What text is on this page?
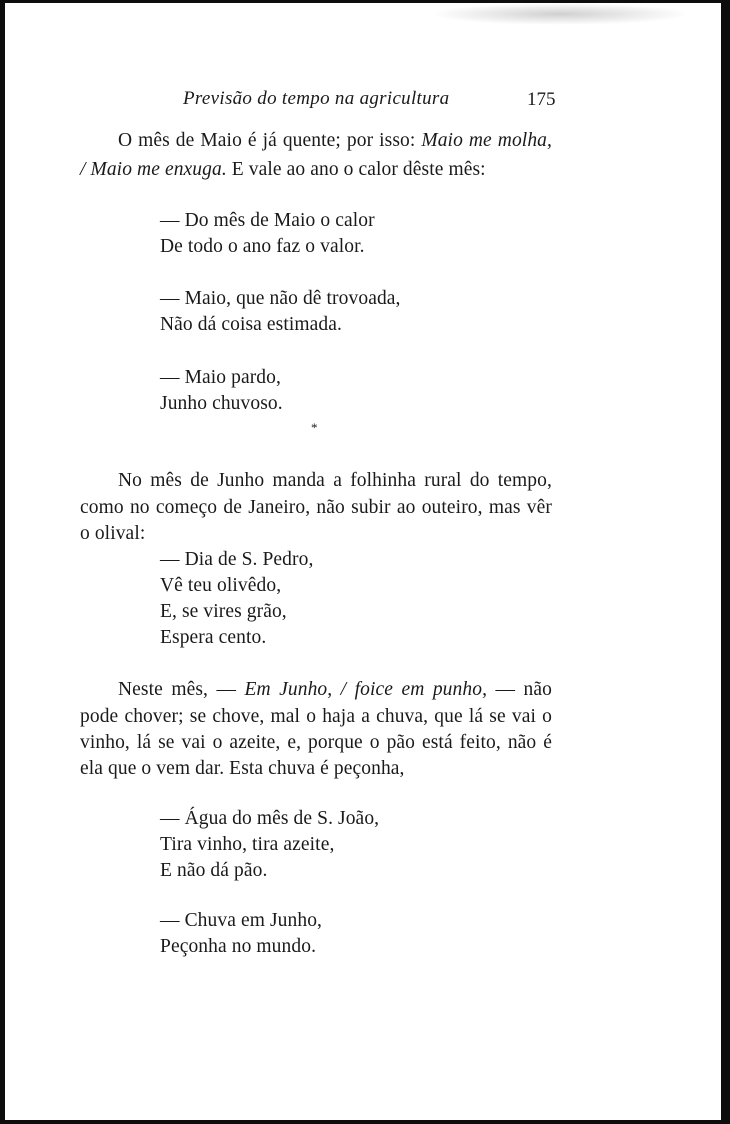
Previsão do tempo na agricultura	175
O mês de Maio é já quente; por isso: Maio me molha,
/ Maio me enxuga. E vale ao ano o calor dêste mês:
— Do mês de Maio o calor
De todo o ano faz o valor.
— Maio, que não dê trovoada,
Não dá coisa estimada.
— Maio pardo,
Junho chuvoso.
*
No mês de Junho manda a folhinha rural do tempo,
como no começo de Janeiro, não subir ao outeiro, mas vêr
o olival:
— Dia de S. Pedro,
Vê teu olivêdo,
E, se vires grão,
Espera cento.
Neste mês, — Em Junho, / foice em punho, — não
pode chover; se chove, mal o haja a chuva, que lá se vai o
vinho, lá se vai o azeite, e, porque o pão está feito, não é
ela que o vem dar. Esta chuva é peçonha,
— Água do mês de S. João,
Tira vinho, tira azeite,
E não dá pão.
— Chuva em Junho,
Peçonha no mundo.
